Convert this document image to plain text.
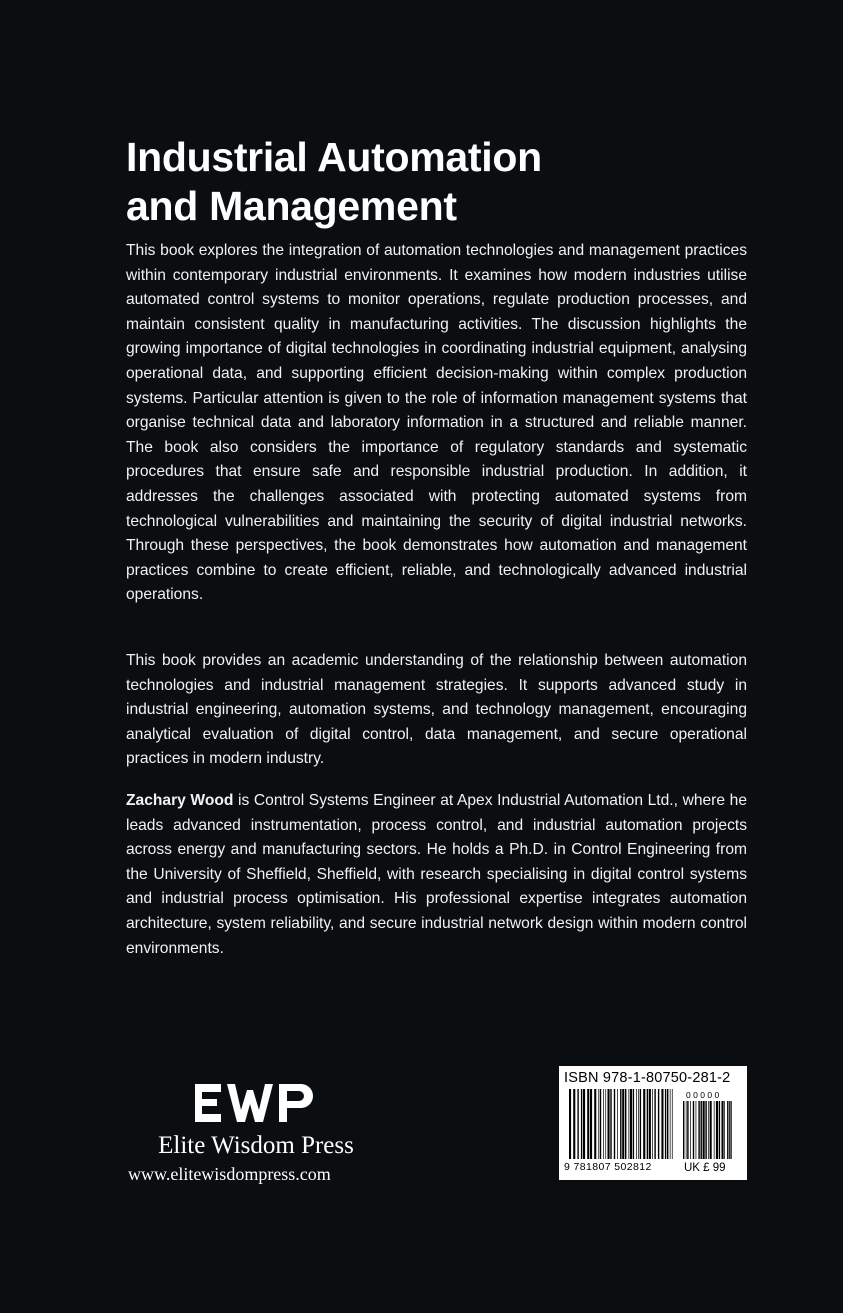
Industrial Automation
and Management

This book explores the integration of automation technologies and management practices within contemporary industrial environments. It examines how modern industries utilise automated control systems to monitor operations, regulate production processes, and maintain consistent quality in manufacturing activities. The discussion highlights the growing importance of digital technologies in coordinating industrial equipment, analysing operational data, and supporting efficient decision-making within complex production systems. Particular attention is given to the role of information management systems that organise technical data and laboratory information in a structured and reliable manner. The book also considers the importance of regulatory standards and systematic procedures that ensure safe and responsible industrial production. In addition, it addresses the challenges associated with protecting automated systems from technological vulnerabilities and maintaining the security of digital industrial networks. Through these perspectives, the book demonstrates how automation and management practices combine to create efficient, reliable, and technologically advanced industrial operations.

This book provides an academic understanding of the relationship between automation technologies and industrial management strategies. It supports advanced study in industrial engineering, automation systems, and technology management, encouraging analytical evaluation of digital control, data management, and secure operational practices in modern industry.

Zachary Wood is Control Systems Engineer at Apex Industrial Automation Ltd., where he leads advanced instrumentation, process control, and industrial automation projects across energy and manufacturing sectors. He holds a Ph.D. in Control Engineering from the University of Sheffield, Sheffield, with research specialising in digital control systems and industrial process optimisation. His professional expertise integrates automation architecture, system reliability, and secure industrial network design within modern control environments.

Elite Wisdom Press
www.elitewisdompress.com
ISBN 978-1-80750-281-2
9 781807 502812
00000
UK £ 99
